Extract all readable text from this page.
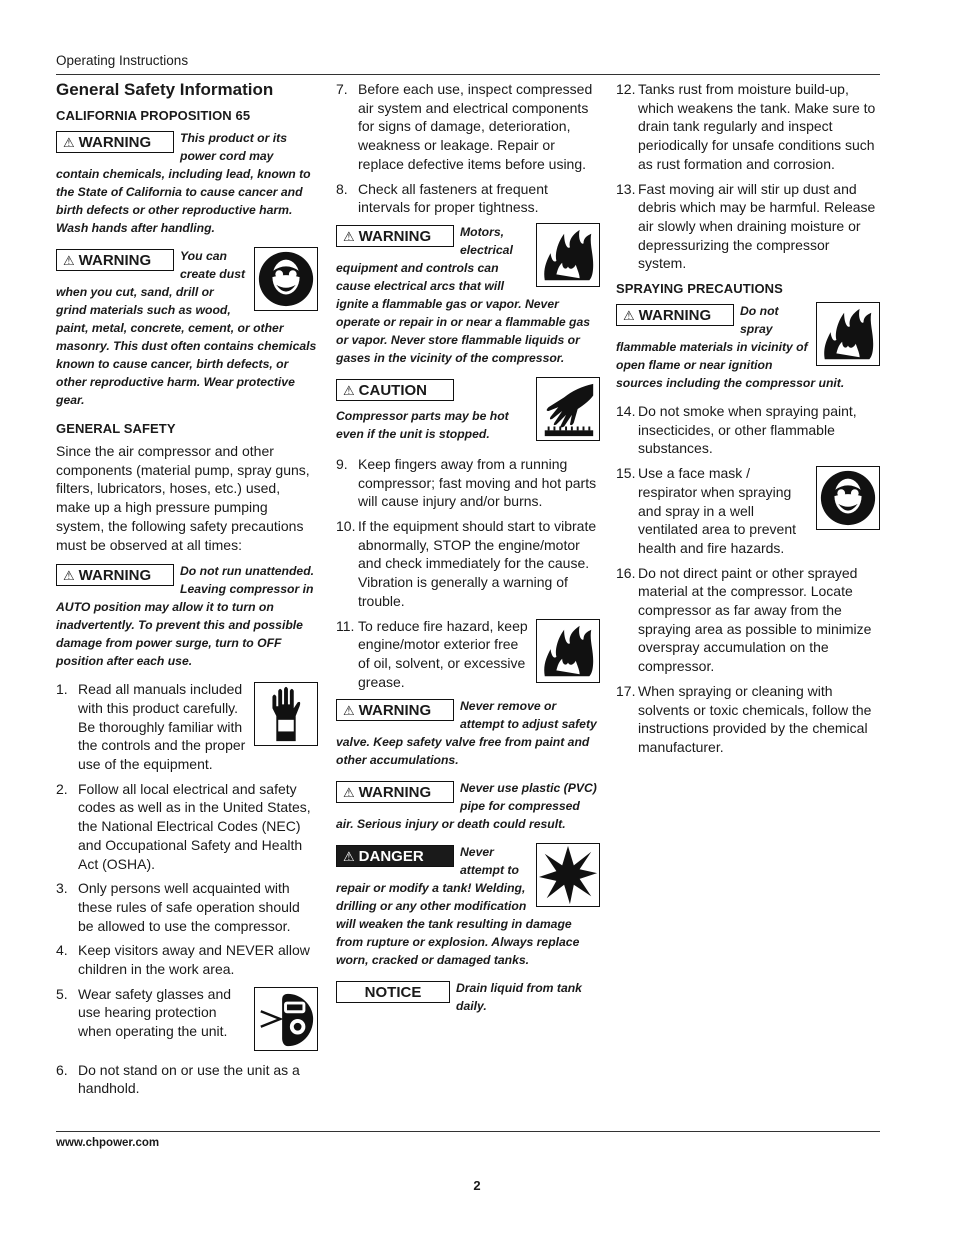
Operating Instructions
General Safety Information
CALIFORNIA PROPOSITION 65
⚠ WARNING	This product or its power cord may contain chemicals, including lead, known to the State of California to cause cancer and birth defects or other reproductive harm. Wash hands after handling.
⚠ WARNING	You can create dust when you cut, sand, drill or grind materials such as wood, paint, metal, concrete, cement, or other masonry. This dust often contains chemicals known to cause cancer, birth defects, or other reproductive harm. Wear protective gear.
GENERAL SAFETY

Since the air compressor and other components (material pump, spray guns, filters, lubricators, hoses, etc.) used, make up a high pressure pumping system, the following safety precautions must be observed at all times:

⚠ WARNING	Do not run unattended. Leaving compressor in AUTO position may allow it to turn on inadvertently. To prevent this and possible damage from power surge, turn to OFF position after each use.
1. Read all manuals included with this product carefully. Be thoroughly familiar with the controls and the proper use of the equipment.
2. Follow all local electrical and safety codes as well as in the United States, the National Electrical Codes (NEC) and Occupational Safety and Health Act (OSHA).
3. Only persons well acquainted with these rules of safe operation should be allowed to use the compressor.
4. Keep visitors away and NEVER allow children in the work area.
5. Wear safety glasses and use hearing protection when operating the unit.
6. Do not stand on or use the unit as a handhold.
7. Before each use, inspect compressed air system and electrical components for signs of damage, deterioration, weakness or leakage. Repair or replace defective items before using.
8. Check all fasteners at frequent intervals for proper tightness.
⚠ WARNING	Motors, electrical equipment and controls can cause electrical arcs that will ignite a flammable gas or vapor. Never operate or repair in or near a flammable gas or vapor. Never store flammable liquids or gases in the vicinity of the compressor.
⚠ CAUTION
Compressor parts may be hot even if the unit is stopped.
9. Keep fingers away from a running compressor; fast moving and hot parts will cause injury and/or burns.
10. If the equipment should start to vibrate abnormally, STOP the engine/motor and check immediately for the cause. Vibration is generally a warning of trouble.
11. To reduce fire hazard, keep engine/motor exterior free of oil, solvent, or excessive grease.
⚠ WARNING	Never remove or attempt to adjust safety valve. Keep safety valve free from paint and other accumulations.
⚠ WARNING	Never use plastic (PVC) pipe for compressed air. Serious injury or death could result.
⚠ DANGER	Never attempt to repair or modify a tank! Welding, drilling or any other modification will weaken the tank resulting in damage from rupture or explosion. Always replace worn, cracked or damaged tanks.
NOTICE	Drain liquid from tank daily.
12. Tanks rust from moisture build-up, which weakens the tank. Make sure to drain tank regularly and inspect periodically for unsafe conditions such as rust formation and corrosion.
13. Fast moving air will stir up dust and debris which may be harmful. Release air slowly when draining moisture or depressurizing the compressor system.
SPRAYING PRECAUTIONS
⚠ WARNING	Do not spray flammable materials in vicinity of open flame or near ignition sources including the compressor unit.
14. Do not smoke when spraying paint, insecticides, or other flammable substances.
15. Use a face mask / respirator when spraying and spray in a well ventilated area to prevent health and fire hazards.
16. Do not direct paint or other sprayed material at the compressor. Locate compressor as far away from the spraying area as possible to minimize overspray accumulation on the compressor.
17. When spraying or cleaning with solvents or toxic chemicals, follow the instructions provided by the chemical manufacturer.
www.chpower.com
2
